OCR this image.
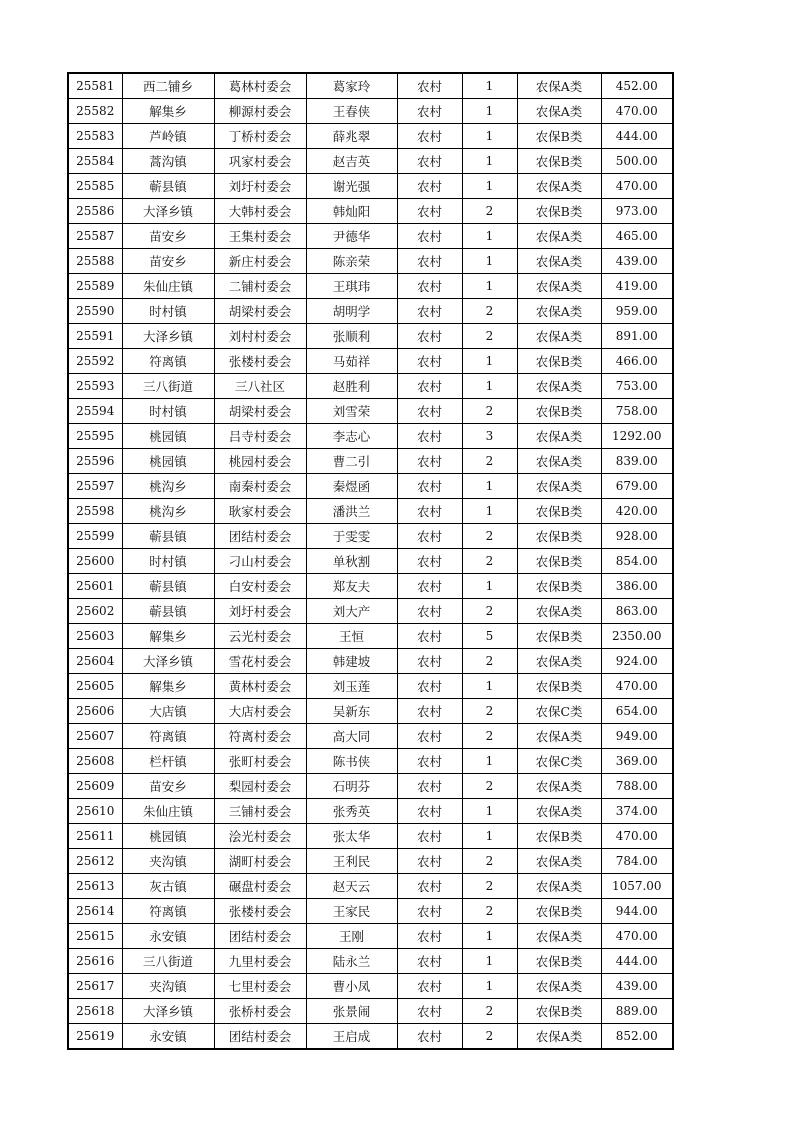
25581	西二铺乡	葛林村委会	葛家玲	农村	1	农保A类	452.00
25582	解集乡	柳源村委会	王春侠	农村	1	农保A类	470.00
25583	芦岭镇	丁桥村委会	薛兆翠	农村	1	农保B类	444.00
25584	蒿沟镇	巩家村委会	赵吉英	农村	1	农保B类	500.00
25585	蕲县镇	刘圩村委会	谢光强	农村	1	农保A类	470.00
25586	大泽乡镇	大韩村委会	韩灿阳	农村	2	农保B类	973.00
25587	苗安乡	王集村委会	尹德华	农村	1	农保A类	465.00
25588	苗安乡	新庄村委会	陈亲荣	农村	1	农保A类	439.00
25589	朱仙庄镇	二铺村委会	王琪玮	农村	1	农保A类	419.00
25590	时村镇	胡梁村委会	胡明学	农村	2	农保A类	959.00
25591	大泽乡镇	刘村村委会	张顺利	农村	2	农保A类	891.00
25592	符离镇	张楼村委会	马茹祥	农村	1	农保B类	466.00
25593	三八街道	三八社区	赵胜利	农村	1	农保A类	753.00
25594	时村镇	胡梁村委会	刘雪荣	农村	2	农保B类	758.00
25595	桃园镇	吕寺村委会	李志心	农村	3	农保A类	1292.00
25596	桃园镇	桃园村委会	曹二引	农村	2	农保A类	839.00
25597	桃沟乡	南秦村委会	秦煜函	农村	1	农保A类	679.00
25598	桃沟乡	耿家村委会	潘洪兰	农村	1	农保B类	420.00
25599	蕲县镇	团结村委会	于雯雯	农村	2	农保B类	928.00
25600	时村镇	刁山村委会	单秋割	农村	2	农保B类	854.00
25601	蕲县镇	白安村委会	郑友夫	农村	1	农保B类	386.00
25602	蕲县镇	刘圩村委会	刘大产	农村	2	农保A类	863.00
25603	解集乡	云光村委会	王恒	农村	5	农保B类	2350.00
25604	大泽乡镇	雪花村委会	韩建坡	农村	2	农保A类	924.00
25605	解集乡	黄林村委会	刘玉莲	农村	1	农保B类	470.00
25606	大店镇	大店村委会	吴新东	农村	2	农保C类	654.00
25607	符离镇	符离村委会	高大同	农村	2	农保A类	949.00
25608	栏杆镇	张町村委会	陈书侠	农村	1	农保C类	369.00
25609	苗安乡	梨园村委会	石明芬	农村	2	农保A类	788.00
25610	朱仙庄镇	三铺村委会	张秀英	农村	1	农保A类	374.00
25611	桃园镇	浍光村委会	张太华	农村	1	农保B类	470.00
25612	夹沟镇	湖町村委会	王利民	农村	2	农保A类	784.00
25613	灰古镇	碾盘村委会	赵天云	农村	2	农保A类	1057.00
25614	符离镇	张楼村委会	王家民	农村	2	农保B类	944.00
25615	永安镇	团结村委会	王刚	农村	1	农保A类	470.00
25616	三八街道	九里村委会	陆永兰	农村	1	农保B类	444.00
25617	夹沟镇	七里村委会	曹小凤	农村	1	农保A类	439.00
25618	大泽乡镇	张桥村委会	张景闹	农村	2	农保B类	889.00
25619	永安镇	团结村委会	王启成	农村	2	农保A类	852.00
